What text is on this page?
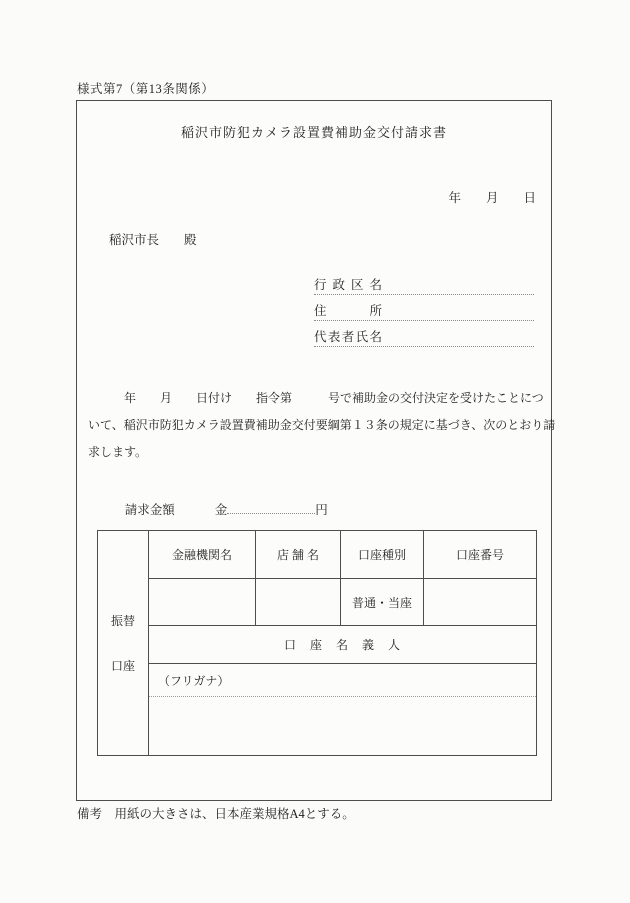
様式第7（第13条関係）
稲沢市防犯カメラ設置費補助金交付請求書
年　　月　　日
稲沢市長　　殿
行政区名
住所
代表者氏名
　　　年　　月　　日付け　　指令第　　　号で補助金の交付決定を受けたことにつ
いて、稲沢市防犯カメラ設置費補助金交付要綱第１３条の規定に基づき、次のとおり請
求します。

請求金額	金	円

振替
口座	金融機関名	店 舗 名	口座種別	口座番号
			普通・当座	
	口　座　名　義　人			

（フリガナ）			
備考　用紙の大きさは、日本産業規格A4とする。
